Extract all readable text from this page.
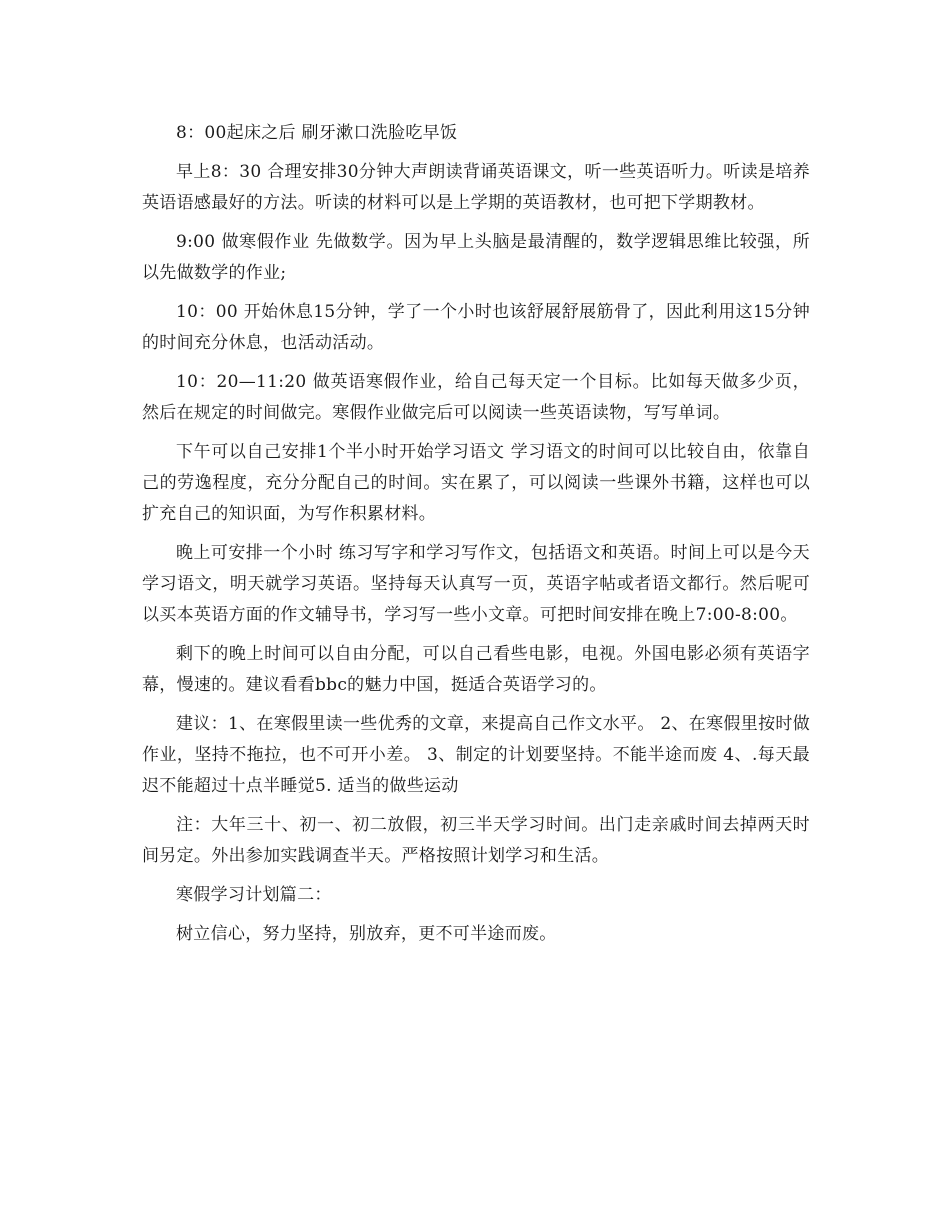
8：00起床之后 刷牙漱口洗脸吃早饭

早上8：30 合理安排30分钟大声朗读背诵英语课文，听一些英语听力。听读是培养英语语感最好的方法。听读的材料可以是上学期的英语教材，也可把下学期教材。

9:00 做寒假作业 先做数学。因为早上头脑是最清醒的，数学逻辑思维比较强，所以先做数学的作业;

10：00 开始休息15分钟，学了一个小时也该舒展舒展筋骨了，因此利用这15分钟的时间充分休息，也活动活动。

10：20—11:20 做英语寒假作业，给自己每天定一个目标。比如每天做多少页，然后在规定的时间做完。寒假作业做完后可以阅读一些英语读物，写写单词。

下午可以自己安排1个半小时开始学习语文 学习语文的时间可以比较自由，依靠自己的劳逸程度，充分分配自己的时间。实在累了，可以阅读一些课外书籍，这样也可以扩充自己的知识面，为写作积累材料。

晚上可安排一个小时 练习写字和学习写作文，包括语文和英语。时间上可以是今天学习语文，明天就学习英语。坚持每天认真写一页，英语字帖或者语文都行。然后呢可以买本英语方面的作文辅导书，学习写一些小文章。可把时间安排在晚上7:00-8:00。

剩下的晚上时间可以自由分配，可以自己看些电影，电视。外国电影必须有英语字幕，慢速的。建议看看bbc的魅力中国，挺适合英语学习的。

建议：1、在寒假里读一些优秀的文章，来提高自己作文水平。 2、在寒假里按时做作业，坚持不拖拉，也不可开小差。 3、制定的计划要坚持。不能半途而废 4、.每天最迟不能超过十点半睡觉5. 适当的做些运动

注：大年三十、初一、初二放假，初三半天学习时间。出门走亲戚时间去掉两天时间另定。外出参加实践调查半天。严格按照计划学习和生活。

寒假学习计划篇二：

树立信心，努力坚持，别放弃，更不可半途而废。
